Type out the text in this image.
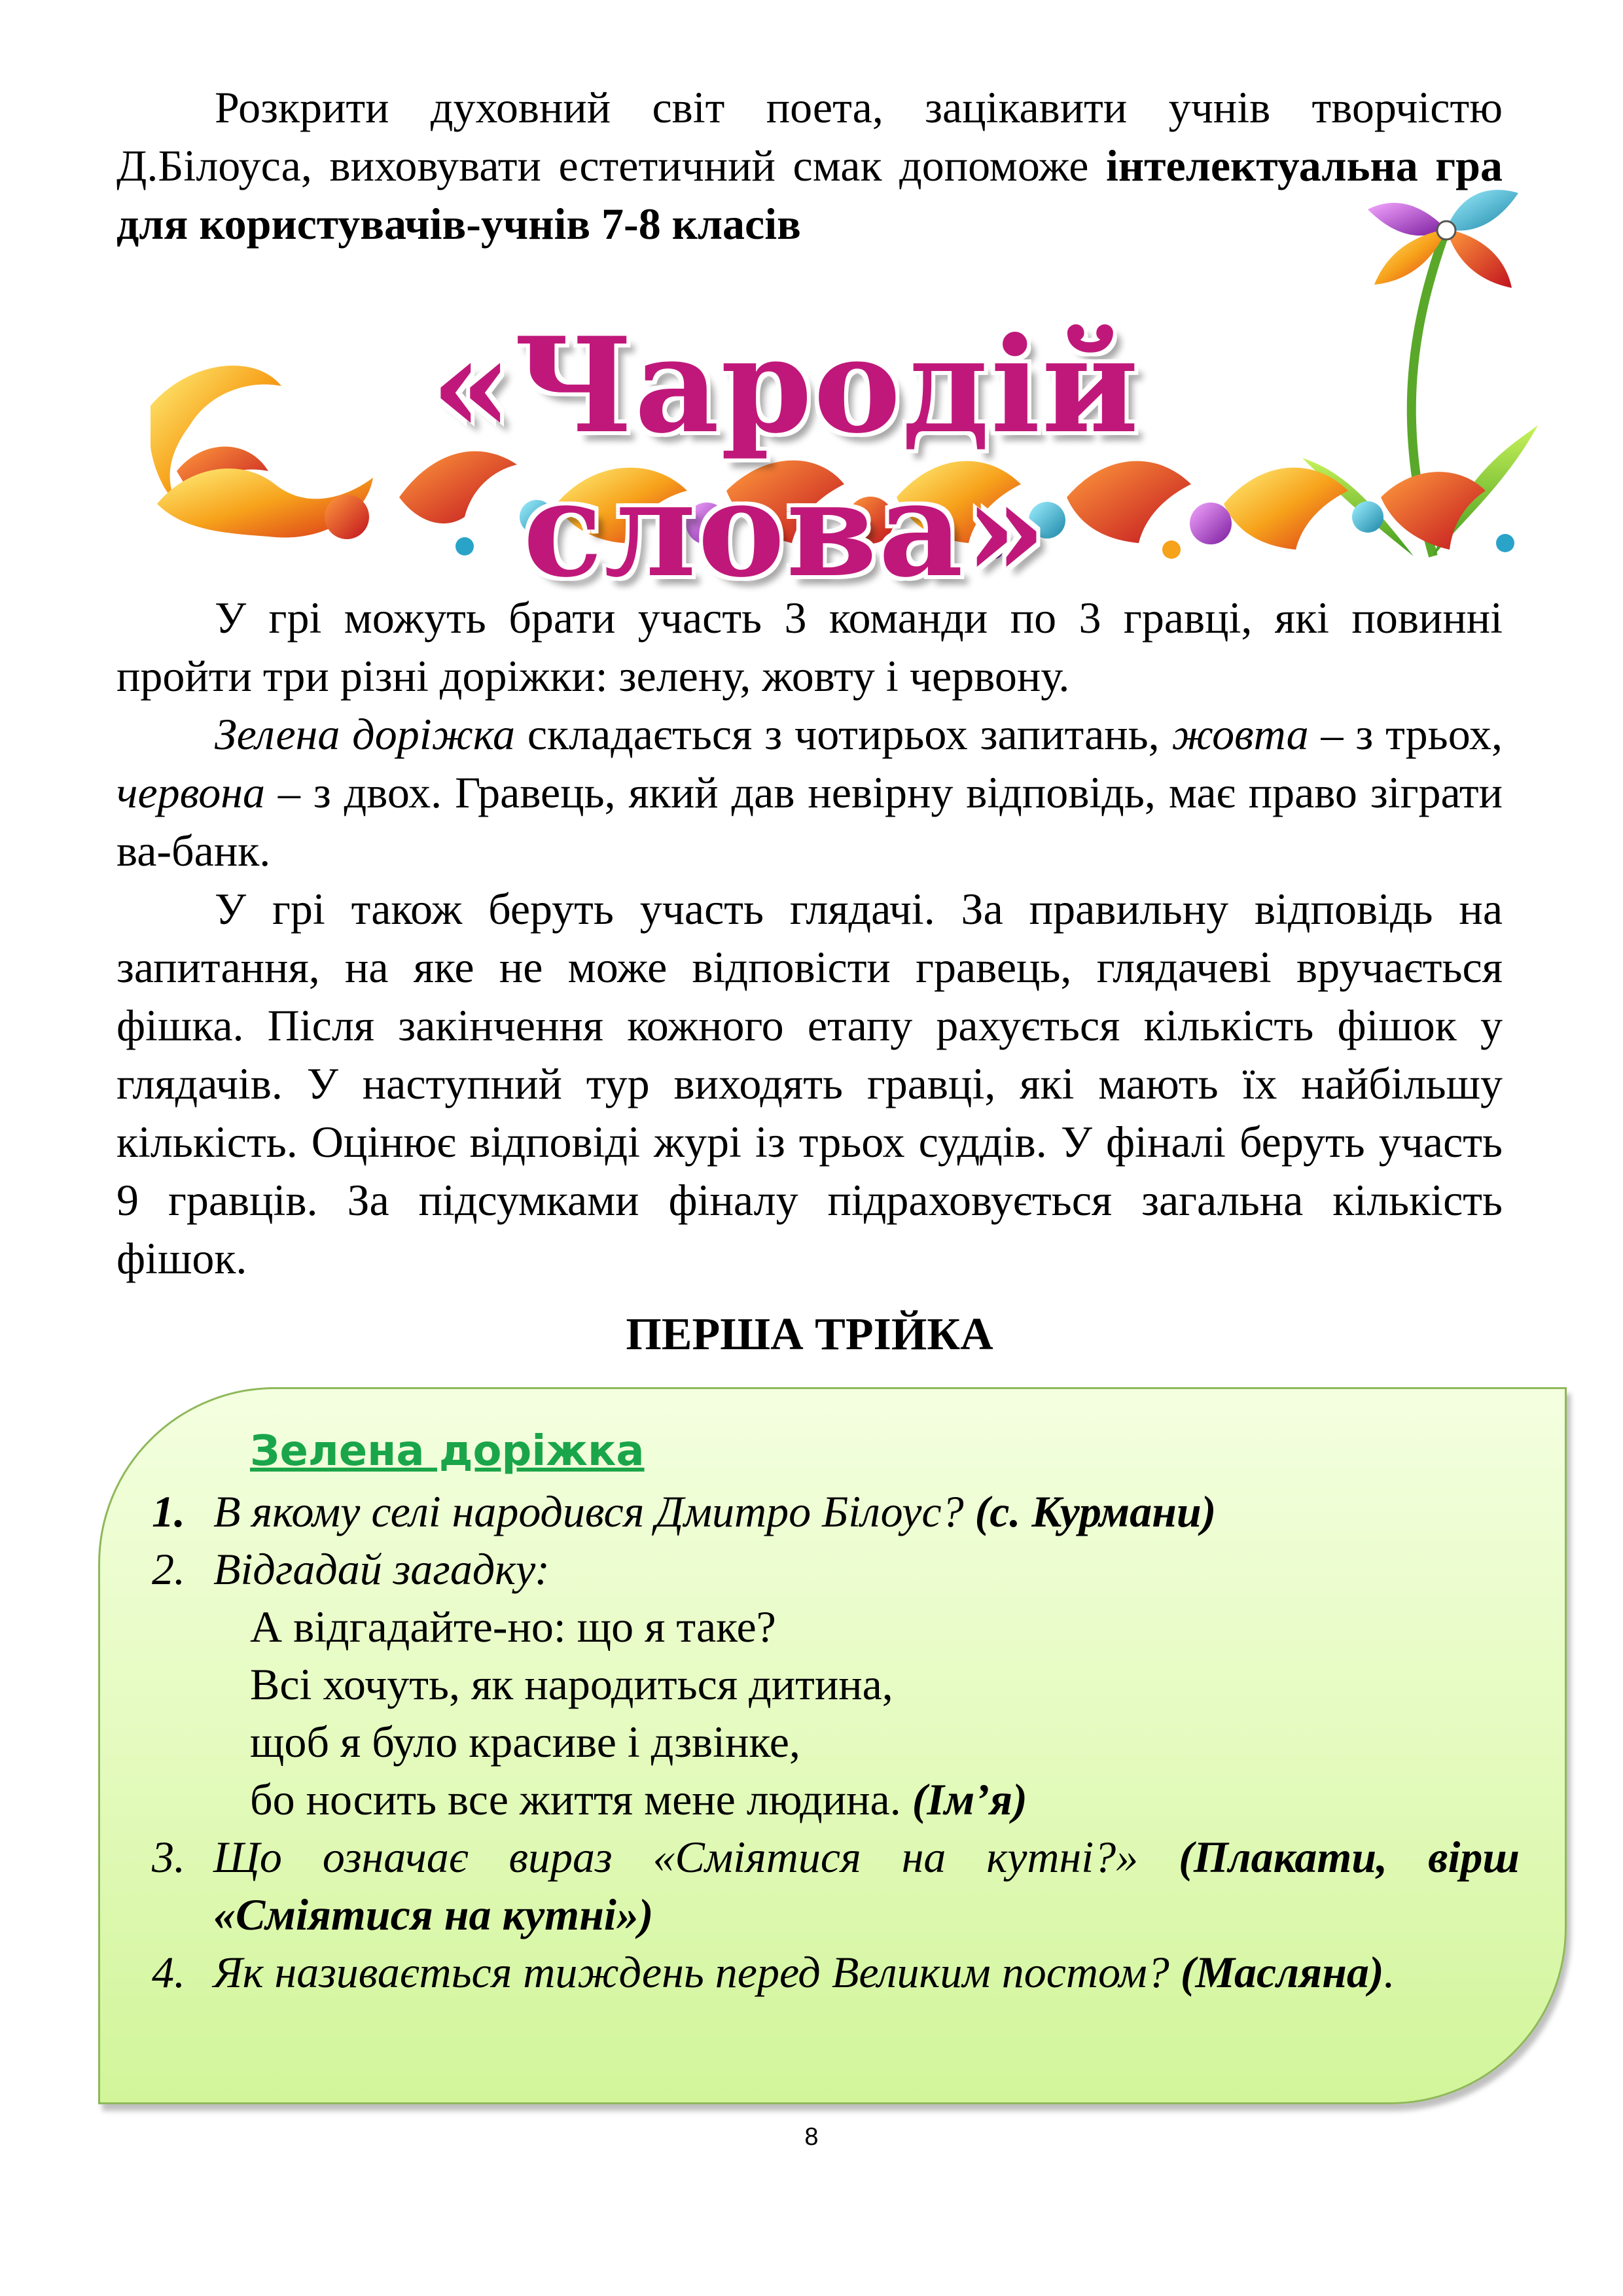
Розкрити духовний світ поета, зацікавити учнів творчістю Д.Білоуса, виховувати естетичний смак допоможе інтелектуальна гра для користувачів-учнів 7-8 класів

«Чародій слова»

У грі можуть брати участь 3 команди по 3 гравці, які повинні пройти три різні доріжки: зелену, жовту і червону.

Зелена доріжка складається з чотирьох запитань, жовта – з трьох, червона – з двох. Гравець, який дав невірну відповідь, має право зіграти ва-банк.

У грі також беруть участь глядачі. За правильну відповідь на запитання, на яке не може відповісти гравець, глядачеві вручається фішка. Після закінчення кожного етапу рахується кількість фішок у глядачів. У наступний тур виходять гравці, які мають їх найбільшу кількість. Оцінює відповіді журі із трьох суддів. У фіналі беруть участь 9 гравців. За підсумками фіналу підраховується загальна кількість фішок.

ПЕРША ТРІЙКА
Зелена доріжка
1. В якому селі народився Дмитро Білоус? (с. Курмани)
2. Відгадай загадку:
А відгадайте-но: що я таке?
Всі хочуть, як народиться дитина,
щоб я було красиве і дзвінке,
бо носить все життя мене людина. (Ім’я)
3. Що означає вираз «Сміятися на кутні?» (Плакати, вірш «Сміятися на кутні»)
4. Як називається тиждень перед Великим постом? (Масляна).
8
